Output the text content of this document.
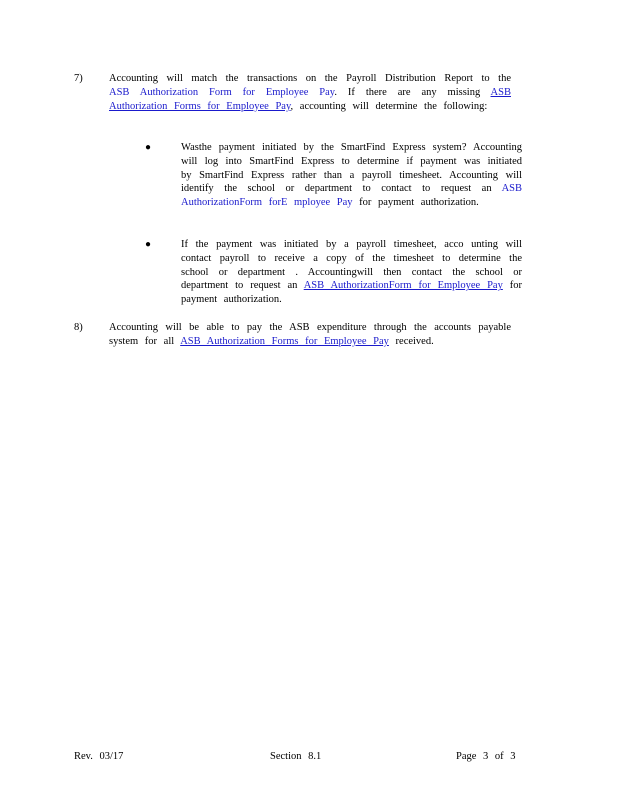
7)	Accounting will match the transactions on the Payroll Distribution Report to the ASB Authorization Form for Employee Pay. If there are any missing ASB Authorization Forms for Employee Pay, accounting will determine the following:
●	Wasthe payment initiated by the SmartFind Express system? Accounting will log into SmartFind Express to determine if payment was initiated by SmartFind Express rather than a payroll timesheet. Accounting will identify the school or department to contact to request an ASB AuthorizationForm forE mployee Pay for payment authorization.
●	If the payment was initiated by a payroll timesheet, acco unting will contact payroll to receive a copy of the timesheet to determine the school or department . Accountingwill then contact the school or department to request an ASB AuthorizationForm for Employee Pay for payment authorization.
8)	Accounting will be able to pay the ASB expenditure through the accounts payable system for all ASB Authorization Forms for Employee Pay received.
Rev. 03/17	Section 8.1	Page 3 of 3
